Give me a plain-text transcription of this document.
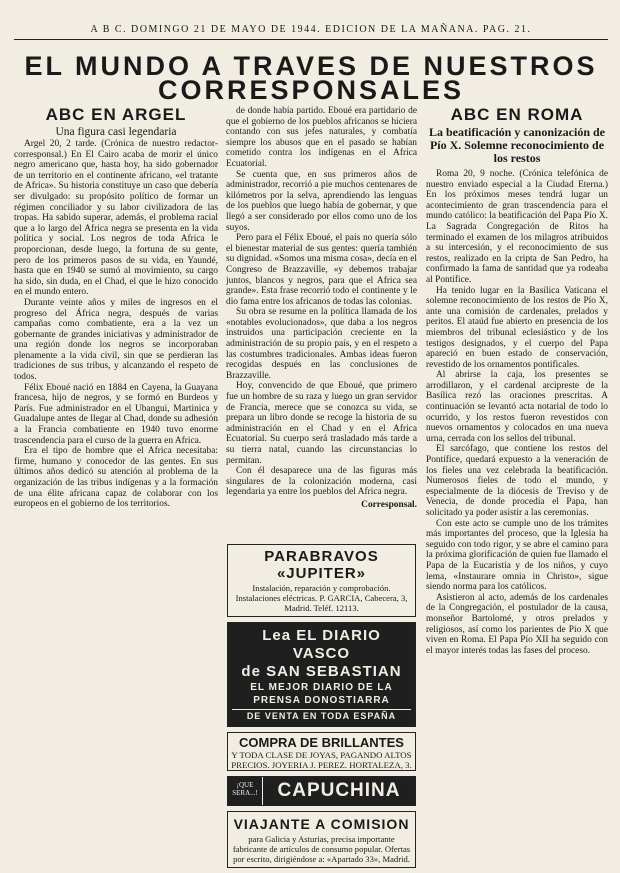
A B C. DOMINGO 21 DE MAYO DE 1944. EDICION DE LA MAÑANA. PAG. 21.
EL MUNDO A TRAVES DE NUESTROS
CORRESPONSALES
ABC EN ARGEL
Una figura casi legendaria

Argel 20, 2 tarde. (Crónica de nuestro redactor-corresponsal.) En El Cairo acaba de morir el único negro americano que, hasta hoy, ha sido gobernador de un territorio en el continente africano, «el tratante de Africa». Su historia constituye un caso que debería ser divulgado: su propósito político de formar un régimen conciliador y su labor civilizadora de las tropas. Ha sabido superar, además, el problema racial que a lo largo del Africa negra se presenta en la vida política y social. Los negros de toda Africa le proporcionan, desde luego, la fortuna de su gente, pero de los primeros pasos de su vida, en Yaundé, hasta que en 1940 se sumó al movimiento, su cargo ha sido, sin duda, en el Chad, el que le hizo conocido en el mundo entero.

Durante veinte años y miles de ingresos en el progreso del África negra, después de varias campañas como combatiente, era a la vez un gobernante de grandes iniciativas y administrador de una región donde los negros se incorporaban plenamente a la vida civil, sin que se perdieran las tradiciones de sus tribus, y alcanzando el respeto de todos.

Félix Eboué nació en 1884 en Cayena, la Guayana francesa, hijo de negros, y se formó en Burdeos y París. Fue administrador en el Ubangui, Martinica y Guadalupe antes de llegar al Chad, donde su adhesión a la Francia combatiente en 1940 tuvo enorme trascendencia para el curso de la guerra en Africa.

Era el tipo de hombre que el Africa necesitaba: firme, humano y conocedor de las gentes. En sus últimos años dedicó su atención al problema de la organización de las tribus indígenas y a la formación de una élite africana capaz de colaborar con los europeos en el gobierno de los territorios.

de donde había partido. Eboué era partidario de que el gobierno de los pueblos africanos se hiciera contando con sus jefes naturales, y combatía siempre los abusos que en el pasado se habían cometido contra los indígenas en el Africa Ecuatorial.

Se cuenta que, en sus primeros años de administrador, recorrió a pie muchos centenares de kilómetros por la selva, aprendiendo las lenguas de los pueblos que luego había de gobernar, y que llegó a ser considerado por ellos como uno de los suyos.

Pero para el Félix Eboué, el país no quería sólo el bienestar material de sus gentes: quería también su dignidad. «Somos una misma cosa», decía en el Congreso de Brazzaville, «y debemos trabajar juntos, blancos y negros, para que el Africa sea grande». Esta frase recorrió todo el continente y le dio fama entre los africanos de todas las colonias.

Su obra se resume en la política llamada de los «notables evolucionados», que daba a los negros instruidos una participación creciente en la administración de su propio país, y en el respeto a las costumbres tradicionales. Ambas ideas fueron recogidas después en las conclusiones de Brazzaville.

Hoy, convencido de que Eboué, que primero fue un hombre de su raza y luego un gran servidor de Francia, merece que se conozca su vida, se prepara un libro donde se recoge la historia de su administración en el Chad y en el Africa Ecuatorial. Su cuerpo será trasladado más tarde a su tierra natal, cuando las circunstancias lo permitan.

Con él desaparece una de las figuras más singulares de la colonización moderna, casi legendaria ya entre los pueblos del Africa negra.

Corresponsal.
PARABRAVOS «JUPITER»
Instalación, reparación y comprobación. Instalaciones eléctricas. P. GARCIA, Cabecera, 3, Madrid. Teléf. 12113.
Lea EL DIARIO VASCO
de SAN SEBASTIAN
EL MEJOR DIARIO DE LA PRENSA DONOSTIARRA
DE VENTA EN TODA ESPAÑA
COMPRA DE BRILLANTES
Y TODA CLASE DE JOYAS, PAGANDO ALTOS PRECIOS. JOYERIA J. PEREZ. HORTALEZA, 3.
¡QUE SERA...!	CAPUCHINA
VIAJANTE A COMISION
para Galicia y Asturias, precisa importante fabricante de artículos de consumo popular. Ofertas por escrito, dirigiéndose a: «Apartado 33», Madrid.
ABC EN ROMA
La beatificación y canonización de Pío X. Solemne reconocimiento de los restos

Roma 20, 9 noche. (Crónica telefónica de nuestro enviado especial a la Ciudad Eterna.) En los próximos meses tendrá lugar un acontecimiento de gran trascendencia para el mundo católico: la beatificación del Papa Pío X. La Sagrada Congregación de Ritos ha terminado el examen de los milagros atribuidos a su intercesión, y el reconocimiento de sus restos, realizado en la cripta de San Pedro, ha confirmado la fama de santidad que ya rodeaba al Pontífice.

Ha tenido lugar en la Basílica Vaticana el solemne reconocimiento de los restos de Pío X, ante una comisión de cardenales, prelados y peritos. El ataúd fue abierto en presencia de los miembros del tribunal eclesiástico y de los testigos designados, y el cuerpo del Papa apareció en buen estado de conservación, revestido de los ornamentos pontificales.

Al abrirse la caja, los presentes se arrodillaron, y el cardenal arcipreste de la Basílica rezó las oraciones prescritas. A continuación se levantó acta notarial de todo lo ocurrido, y los restos fueron revestidos con nuevos ornamentos y colocados en una nueva urna, cerrada con los sellos del tribunal.

El sarcófago, que contiene los restos del Pontífice, quedará expuesto a la veneración de los fieles una vez celebrada la beatificación. Numerosos fieles de todo el mundo, y especialmente de la diócesis de Treviso y de Venecia, de donde procedía el Papa, han solicitado ya poder asistir a las ceremonias.

Con este acto se cumple uno de los trámites más importantes del proceso, que la Iglesia ha seguido con todo rigor, y se abre el camino para la próxima glorificación de quien fue llamado el Papa de la Eucaristía y de los niños, y cuyo lema, «Instaurare omnia in Christo», sigue siendo norma para los católicos.

Asistieron al acto, además de los cardenales de la Congregación, el postulador de la causa, monseñor Bartolomé, y otros prelados y religiosos, así como los parientes de Pío X que viven en Roma. El Papa Pío XII ha seguido con el mayor interés todas las fases del proceso.
